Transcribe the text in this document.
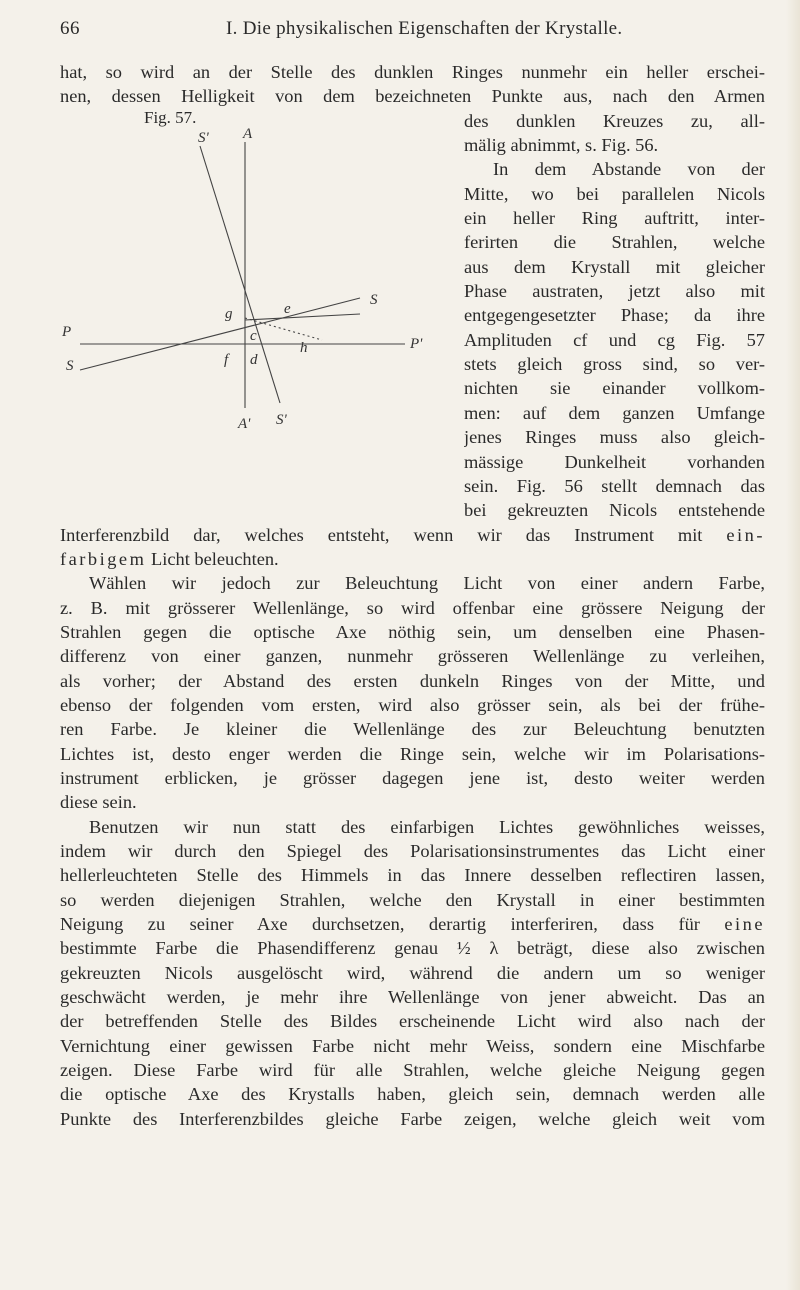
66	I. Die physikalischen Eigenschaften der Krystalle.
Fig. 57.
S' A
S
e
g
P	c
h	P'
S	f d
A' S'
hat, so wird an der Stelle des dunklen Ringes nunmehr ein heller erschei-
nen, dessen Helligkeit von dem bezeichneten Punkte aus, nach den Armen
des dunklen Kreuzes zu, all-
mälig abnimmt, s. Fig. 56.
In dem Abstande von der
Mitte, wo bei parallelen Nicols
ein heller Ring auftritt, inter-
ferirten die Strahlen, welche
aus dem Krystall mit gleicher
Phase austraten, jetzt also mit
entgegengesetzter Phase; da ihre
Amplituden cf und cg Fig. 57
stets gleich gross sind, so ver-
nichten sie einander vollkom-
men: auf dem ganzen Umfange
jenes Ringes muss also gleich-
mässige Dunkelheit vorhanden
sein. Fig. 56 stellt demnach das
bei gekreuzten Nicols entstehende
Interferenzbild dar, welches entsteht, wenn wir das Instrument mit ein-
farbigem Licht beleuchten.
Wählen wir jedoch zur Beleuchtung Licht von einer andern Farbe,
z. B. mit grösserer Wellenlänge, so wird offenbar eine grössere Neigung der
Strahlen gegen die optische Axe nöthig sein, um denselben eine Phasen-
differenz von einer ganzen, nunmehr grösseren Wellenlänge zu verleihen,
als vorher; der Abstand des ersten dunkeln Ringes von der Mitte, und
ebenso der folgenden vom ersten, wird also grösser sein, als bei der frühe-
ren Farbe. Je kleiner die Wellenlänge des zur Beleuchtung benutzten
Lichtes ist, desto enger werden die Ringe sein, welche wir im Polarisations-
instrument erblicken, je grösser dagegen jene ist, desto weiter werden
diese sein.
Benutzen wir nun statt des einfarbigen Lichtes gewöhnliches weisses,
indem wir durch den Spiegel des Polarisationsinstrumentes das Licht einer
hellerleuchteten Stelle des Himmels in das Innere desselben reflectiren lassen,
so werden diejenigen Strahlen, welche den Krystall in einer bestimmten
Neigung zu seiner Axe durchsetzen, derartig interferiren, dass für eine
bestimmte Farbe die Phasendifferenz genau ½ λ beträgt, diese also zwischen
gekreuzten Nicols ausgelöscht wird, während die andern um so weniger
geschwächt werden, je mehr ihre Wellenlänge von jener abweicht. Das an
der betreffenden Stelle des Bildes erscheinende Licht wird also nach der
Vernichtung einer gewissen Farbe nicht mehr Weiss, sondern eine Mischfarbe
zeigen. Diese Farbe wird für alle Strahlen, welche gleiche Neigung gegen
die optische Axe des Krystalls haben, gleich sein, demnach werden alle
Punkte des Interferenzbildes gleiche Farbe zeigen, welche gleich weit vom
